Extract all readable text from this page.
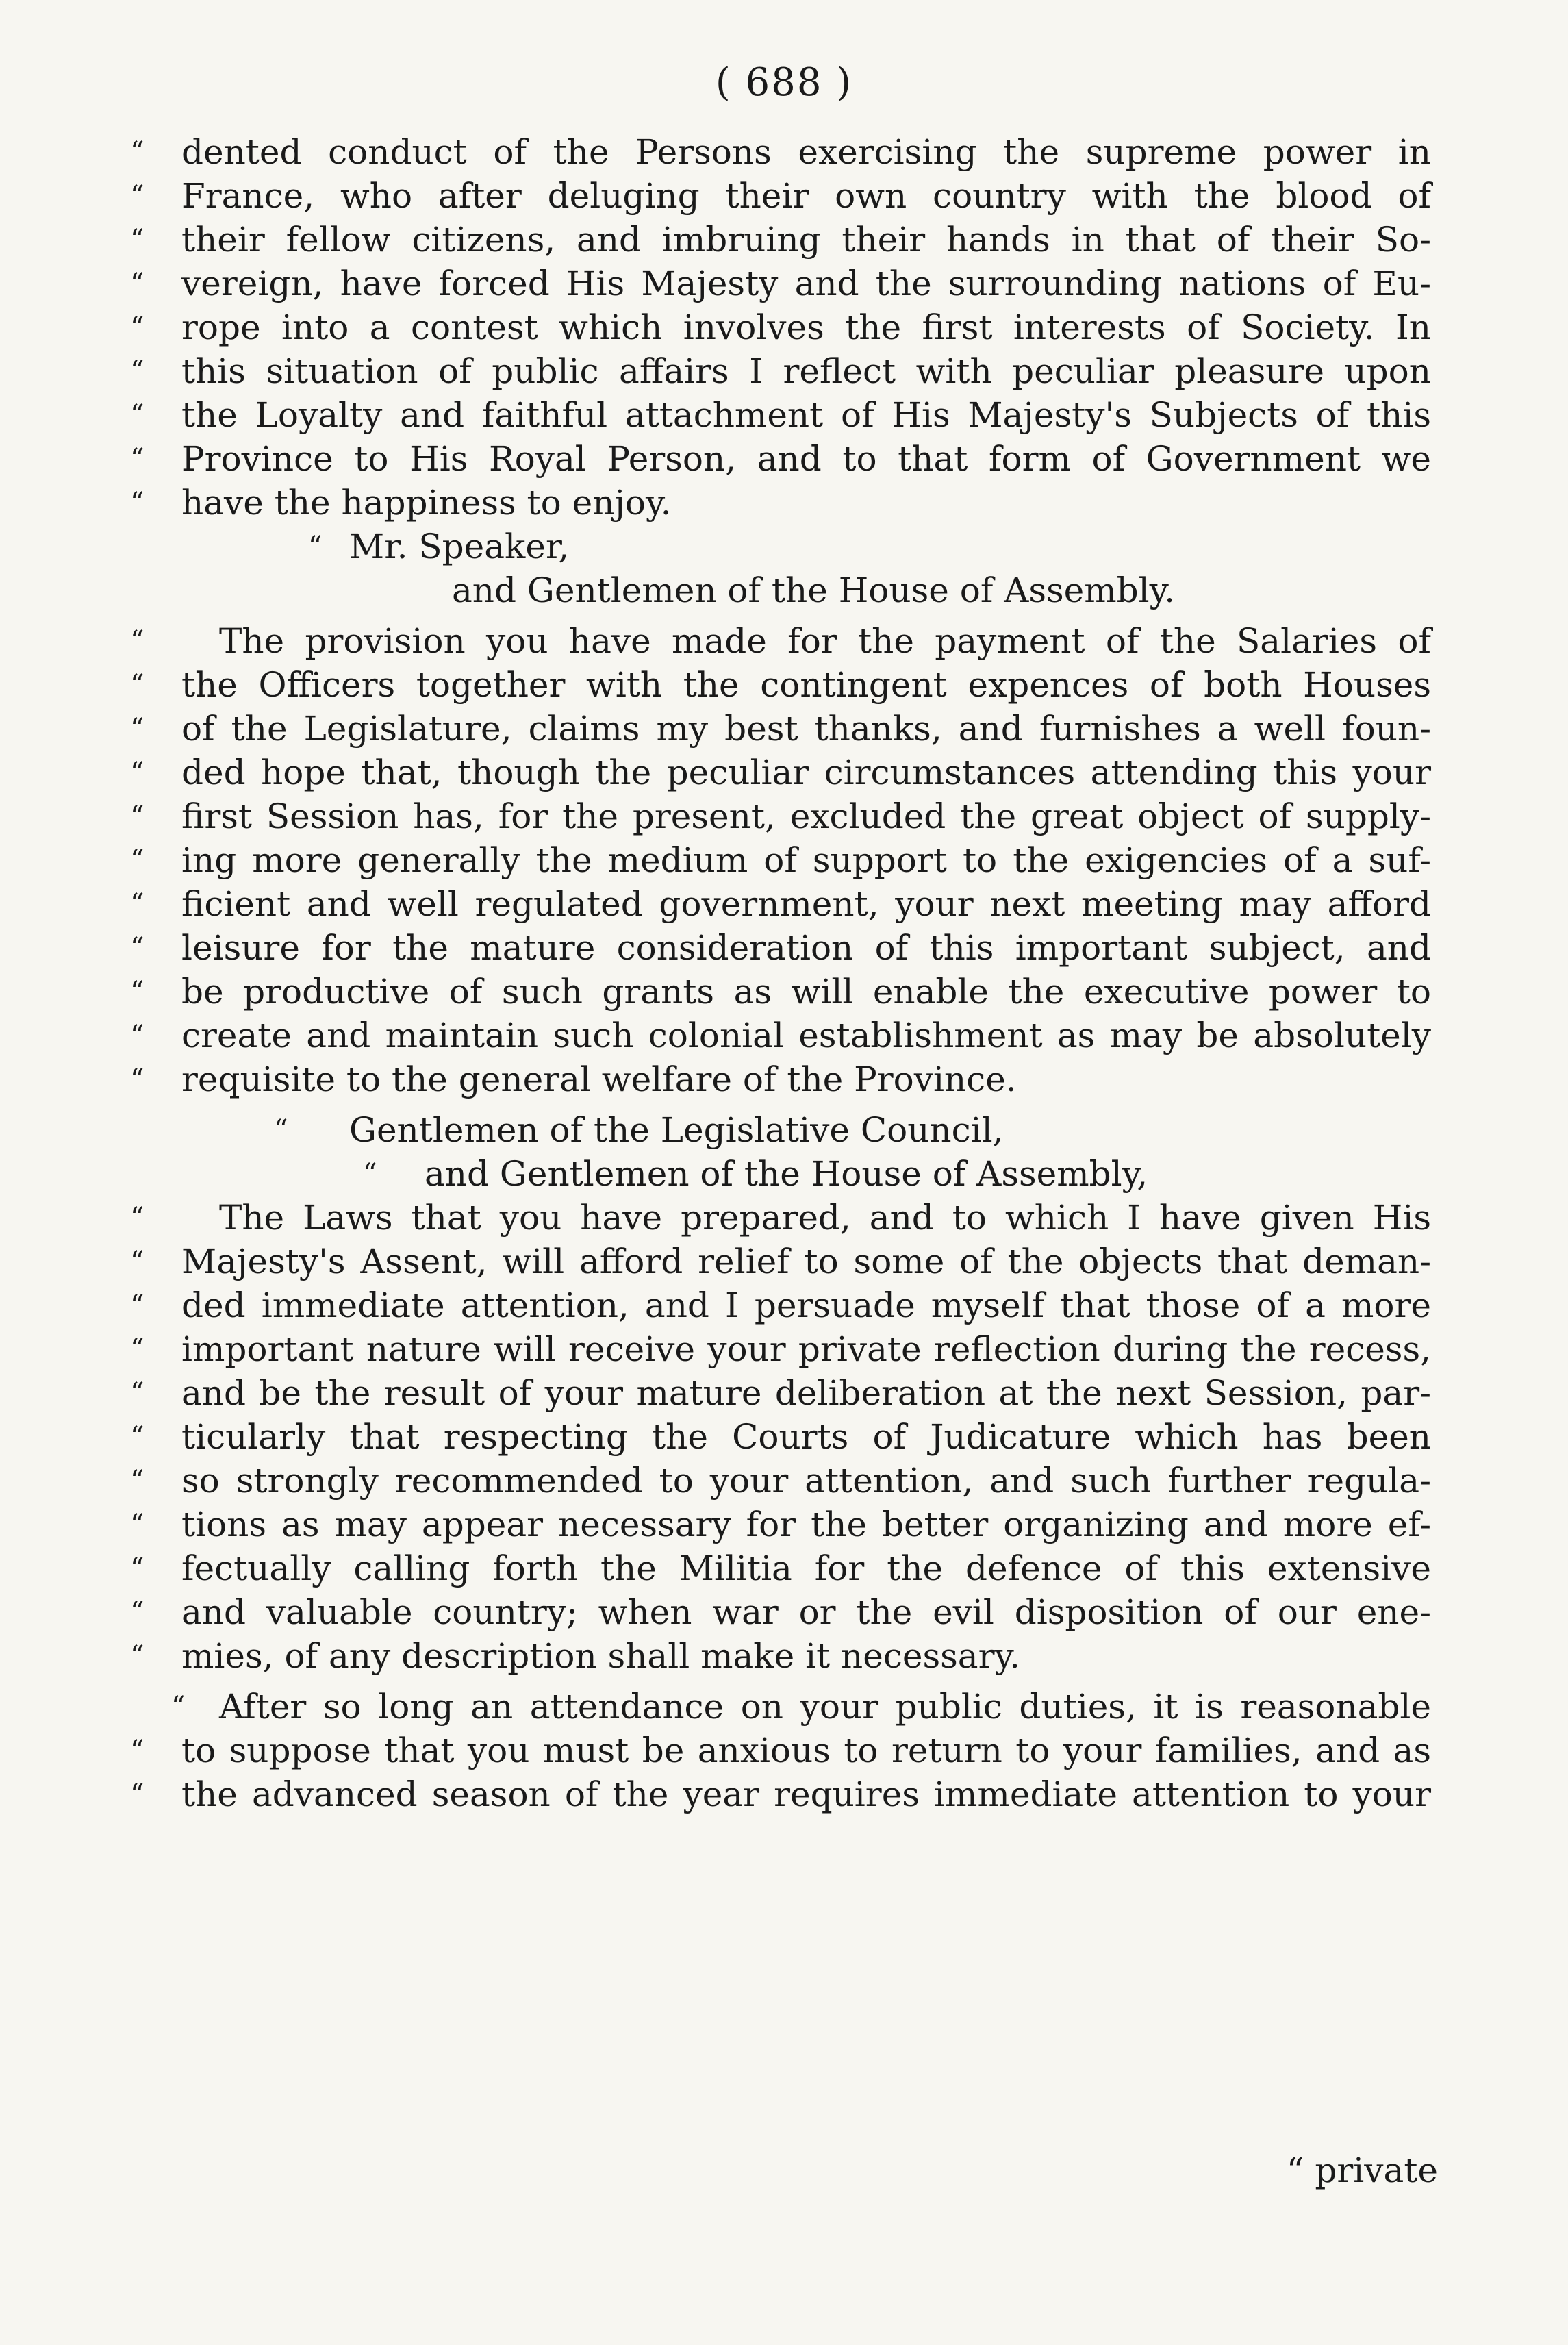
( 688 )
“ dented conduct of the Persons exercising the supreme power in
“ France, who after deluging their own country with the blood of
“ their fellow citizens, and imbruing their hands in that of their So-
“ vereign, have forced His Majesty and the surrounding nations of Eu-
“ rope into a contest which involves the first interests of Society. In
“ this situation of public affairs I reflect with peculiar pleasure upon
“ the Loyalty and faithful attachment of His Majesty's Subjects of this
“ Province to His Royal Person, and to that form of Government we
“ have the happiness to enjoy.
“ Mr. Speaker,
and Gentlemen of the House of Assembly.
“ The provision you have made for the payment of the Salaries of
“ the Officers together with the contingent expences of both Houses
“ of the Legislature, claims my best thanks, and furnishes a well foun-
“ ded hope that, though the peculiar circumstances attending this your
“ first Session has, for the present, excluded the great object of supply-
“ ing more generally the medium of support to the exigencies of a suf-
“ ficient and well regulated government, your next meeting may afford
“ leisure for the mature consideration of this important subject, and
“ be productive of such grants as will enable the executive power to
“ create and maintain such colonial establishment as may be absolutely
“ requisite to the general welfare of the Province.
“ Gentlemen of the Legislative Council,
“ and Gentlemen of the House of Assembly,
“ The Laws that you have prepared, and to which I have given His
“ Majesty's Assent, will afford relief to some of the objects that deman-
“ ded immediate attention, and I persuade myself that those of a more
“ important nature will receive your private reflection during the recess,
“ and be the result of your mature deliberation at the next Session, par-
“ ticularly that respecting the Courts of Judicature which has been
“ so strongly recommended to your attention, and such further regula-
“ tions as may appear necessary for the better organizing and more ef-
“ fectually calling forth the Militia for the defence of this extensive
“ and valuable country; when war or the evil disposition of our ene-
“ mies, of any description shall make it necessary.
“ After so long an attendance on your public duties, it is reasonable
“ to suppose that you must be anxious to return to your families, and as
“ the advanced season of the year requires immediate attention to your
“ private
